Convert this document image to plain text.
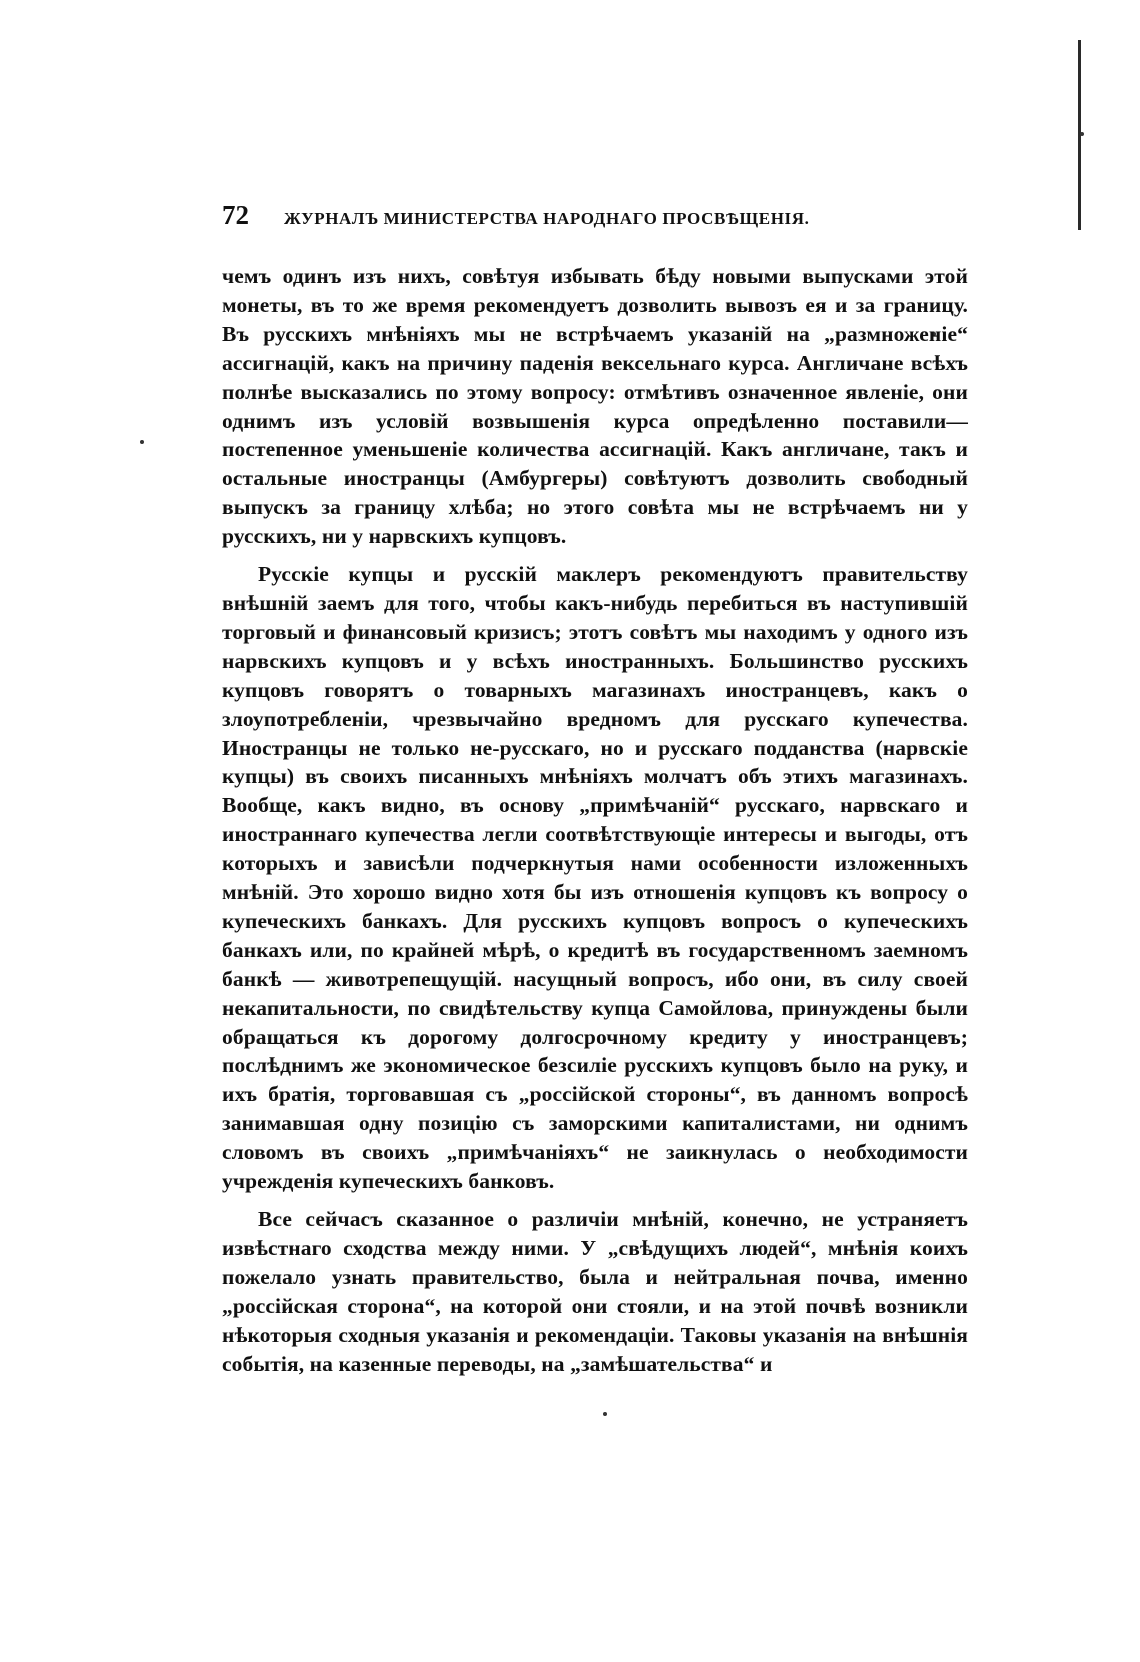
72 ЖУРНАЛЪ МИНИСТЕРСТВА НАРОДНАГО ПРОСВѢЩЕНІЯ.

чемъ одинъ изъ нихъ, совѣтуя избывать бѣду новыми выпусками этой монеты, въ то же время рекомендуетъ дозволить вывозъ ея и за границу. Въ русскихъ мнѣніяхъ мы не встрѣчаемъ указаній на „размноженіе“ ассигнацій, какъ на причину паденія вексельнаго курса. Англичане всѣхъ полнѣе высказались по этому вопросу: отмѣтивъ означенное явленіе, они однимъ изъ условій возвышенія курса опредѣленно поставили—постепенное уменьшеніе количества ассигнацій. Какъ англичане, такъ и остальные иностранцы (Амбургеры) совѣтуютъ дозволить свободный выпускъ за границу хлѣба; но этого совѣта мы не встрѣчаемъ ни у русскихъ, ни у нарвскихъ купцовъ.

Русскіе купцы и русскій маклеръ рекомендуютъ правительству внѣшній заемъ для того, чтобы какъ-нибудь перебиться въ наступившій торговый и финансовый кризисъ; этотъ совѣтъ мы находимъ у одного изъ нарвскихъ купцовъ и у всѣхъ иностранныхъ. Большинство русскихъ купцовъ говорятъ о товарныхъ магазинахъ иностранцевъ, какъ о злоупотребленіи, чрезвычайно вредномъ для русскаго купечества. Иностранцы не только не-русскаго, но и русскаго подданства (нарвскіе купцы) въ своихъ писанныхъ мнѣніяхъ молчатъ объ этихъ магазинахъ. Вообще, какъ видно, въ основу „примѣчаній“ русскаго, нарвскаго и иностраннаго купечества легли соотвѣтствующіе интересы и выгоды, отъ которыхъ и зависѣли подчеркнутыя нами особенности изложенныхъ мнѣній. Это хорошо видно хотя бы изъ отношенія купцовъ къ вопросу о купеческихъ банкахъ. Для русскихъ купцовъ вопросъ о купеческихъ банкахъ или, по крайней мѣрѣ, о кредитѣ въ государственномъ заемномъ банкѣ — животрепещущій. насущный вопросъ, ибо они, въ силу своей некапитальности, по свидѣтельству купца Самойлова, принуждены были обращаться къ дорогому долгосрочному кредиту у иностранцевъ; послѣднимъ же экономическое безсиліе русскихъ купцовъ было на руку, и ихъ братія, торговавшая съ „россійской стороны“, въ данномъ вопросѣ занимавшая одну позицію съ заморскими капиталистами, ни однимъ словомъ въ своихъ „примѣчаніяхъ“ не заикнулась о необходимости учрежденія купеческихъ банковъ.

Все сейчасъ сказанное о различіи мнѣній, конечно, не устраняетъ извѣстнаго сходства между ними. У „свѣдущихъ людей“, мнѣнія коихъ пожелало узнать правительство, была и нейтральная почва, именно „россійская сторона“, на которой они стояли, и на этой почвѣ возникли нѣкоторыя сходныя указанія и рекомендаціи. Таковы указанія на внѣшнія событія, на казенные переводы, на „замѣшательства“ и
